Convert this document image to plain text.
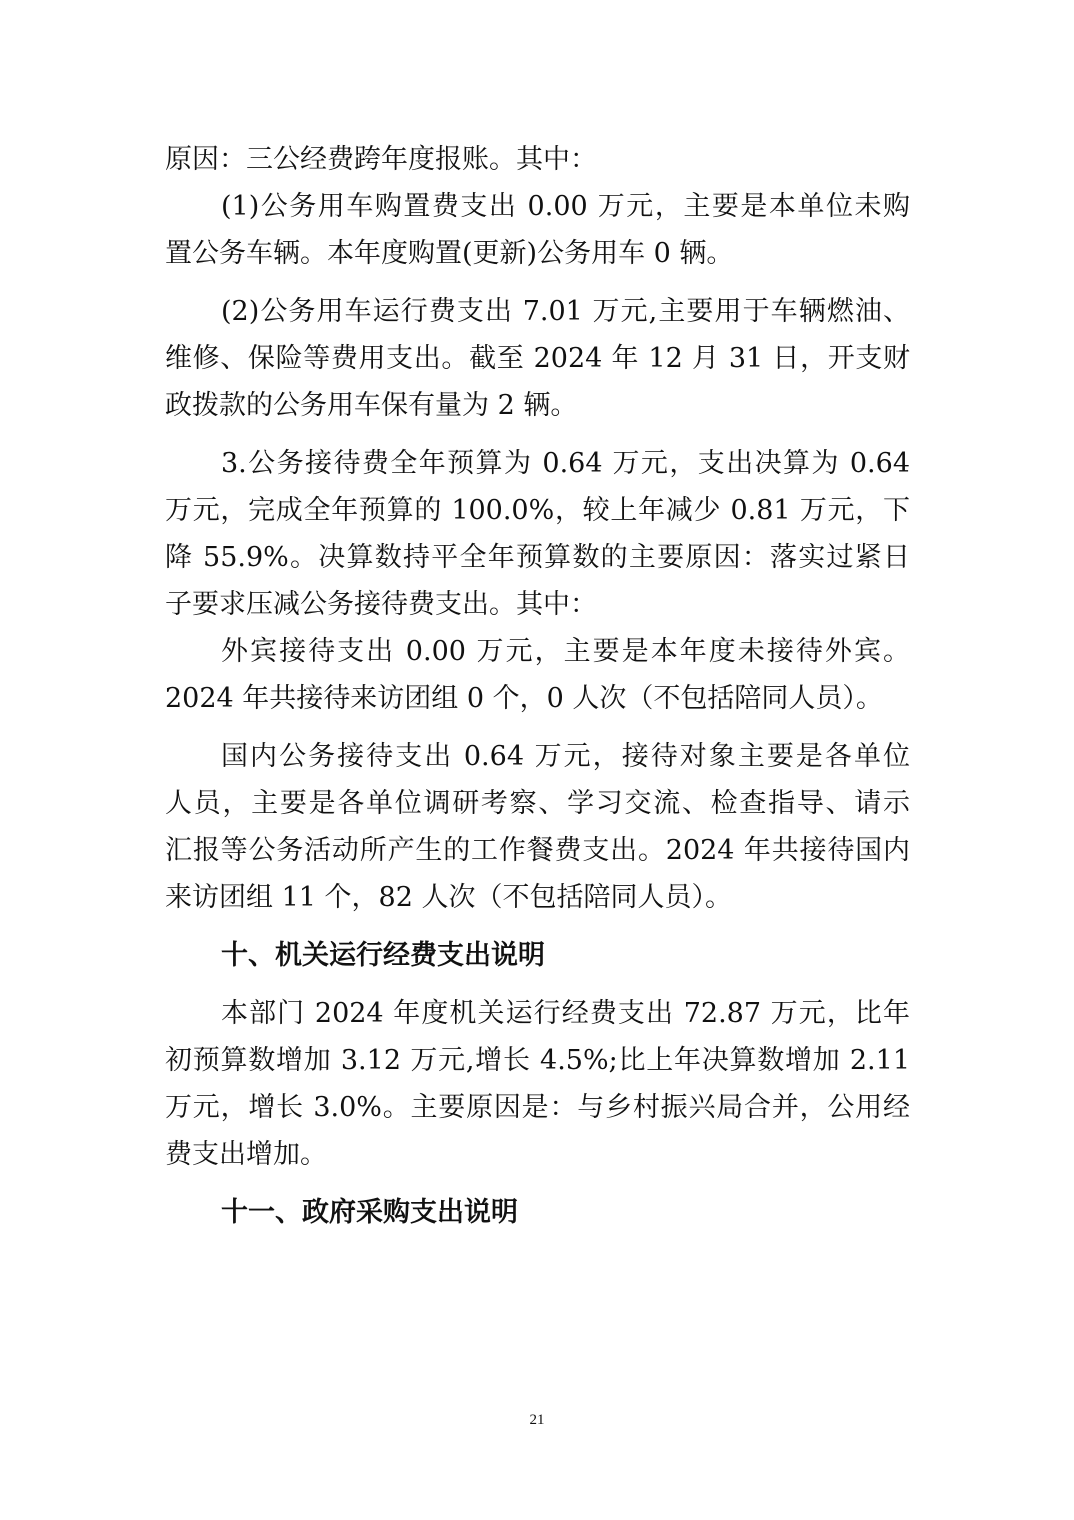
原因：三公经费跨年度报账。其中：
(1)公务用车购置费支出 0.00 万元，主要是本单位未购
置公务车辆。本年度购置(更新)公务用车 0 辆。
(2)公务用车运行费支出 7.01 万元,主要用于车辆燃油、
维修、保险等费用支出。截至 2024 年 12 月 31 日，开支财
政拨款的公务用车保有量为 2 辆。
3.公务接待费全年预算为 0.64 万元，支出决算为 0.64
万元，完成全年预算的 100.0%，较上年减少 0.81 万元，下
降 55.9%。决算数持平全年预算数的主要原因：落实过紧日
子要求压减公务接待费支出。其中：
外宾接待支出 0.00 万元，主要是本年度未接待外宾。
2024 年共接待来访团组 0 个，0 人次（不包括陪同人员）。
国内公务接待支出 0.64 万元，接待对象主要是各单位
人员，主要是各单位调研考察、学习交流、检查指导、请示
汇报等公务活动所产生的工作餐费支出。2024 年共接待国内
来访团组 11 个，82 人次（不包括陪同人员）。
十、机关运行经费支出说明
本部门 2024 年度机关运行经费支出 72.87 万元，比年
初预算数增加 3.12 万元,增长 4.5%;比上年决算数增加 2.11
万元，增长 3.0%。主要原因是：与乡村振兴局合并，公用经
费支出增加。
十一、政府采购支出说明
21
